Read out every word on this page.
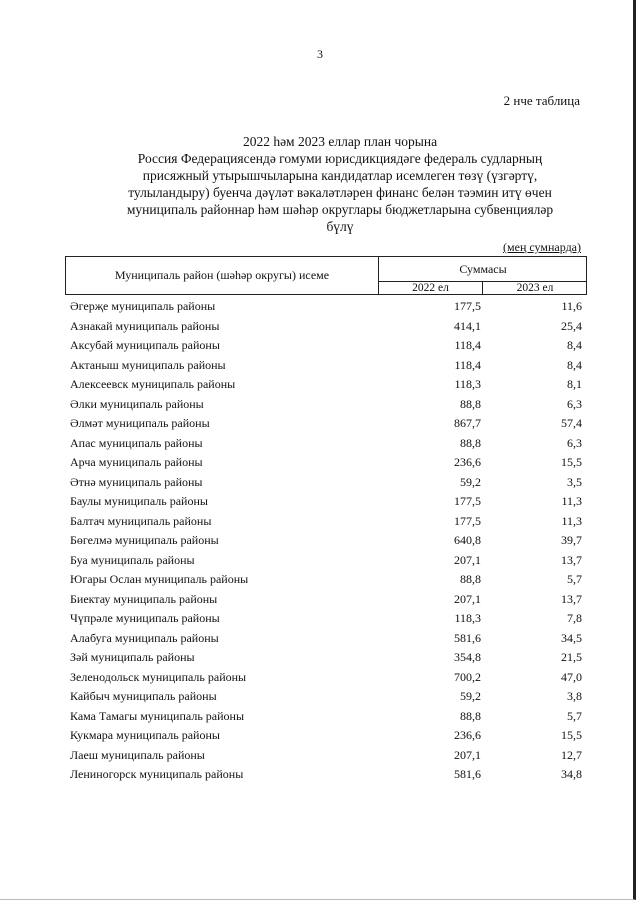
3
2 нче таблица
2022 һәм 2023 еллар план чорына
Россия Федерациясендә гомуми юрисдикциядәге федераль судларның
присяжный утырышчыларына кандидатлар исемлеген төзү (үзгәртү,
тулыландыру) буенча дәүләт вәкаләтләрен финанс белән тәэмин итү өчен
муниципаль районнар һәм шәһәр округлары бюджетларына субвенцияләр
бүлү
(мең сумнарда)
Муниципаль район (шәһәр округы) исеме	Суммасы
2022 ел	2023 ел
Әгерҗе муниципаль районы	177,5	11,6
Азнакай муниципаль районы	414,1	25,4
Аксубай муниципаль районы	118,4	8,4
Актаныш муниципаль районы	118,4	8,4
Алексеевск муниципаль районы	118,3	8,1
Әлки муниципаль районы	88,8	6,3
Әлмәт муниципаль районы	867,7	57,4
Апас муниципаль районы	88,8	6,3
Арча муниципаль районы	236,6	15,5
Әтнә муниципаль районы	59,2	3,5
Баулы муниципаль районы	177,5	11,3
Балтач муниципаль районы	177,5	11,3
Бөгелмә муниципаль районы	640,8	39,7
Буа муниципаль районы	207,1	13,7
Югары Ослан муниципаль районы	88,8	5,7
Биектау муниципаль районы	207,1	13,7
Чүпрәле муниципаль районы	118,3	7,8
Алабуга муниципаль районы	581,6	34,5
Зәй муниципаль районы	354,8	21,5
Зеленодольск муниципаль районы	700,2	47,0
Кайбыч муниципаль районы	59,2	3,8
Кама Тамагы муниципаль районы	88,8	5,7
Кукмара муниципаль районы	236,6	15,5
Лаеш муниципаль районы	207,1	12,7
Лениногорск муниципаль районы	581,6	34,8
